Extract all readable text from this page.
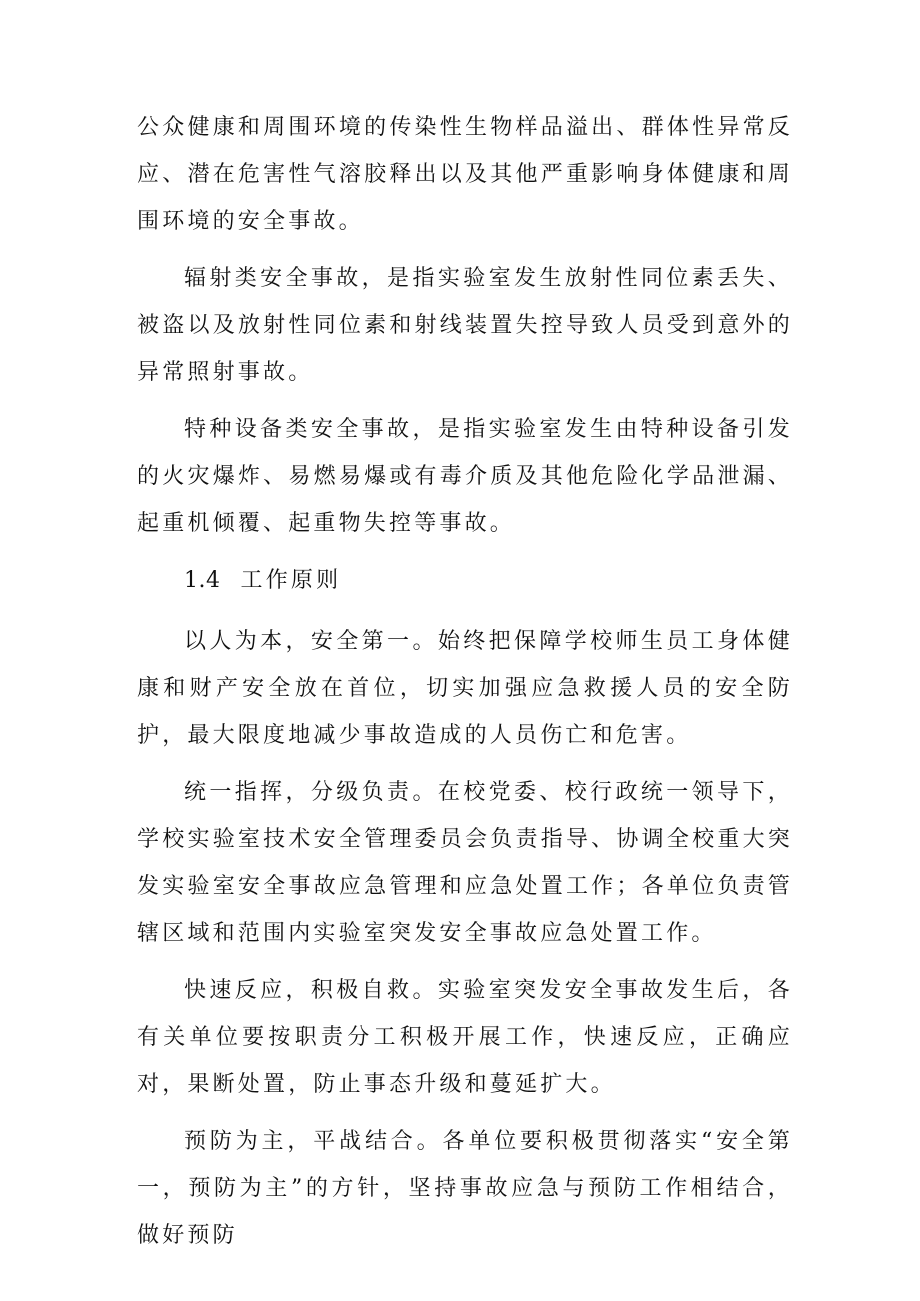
公众健康和周围环境的传染性生物样品溢出、群体性异常反应、潜在危害性气溶胶释出以及其他严重影响身体健康和周围环境的安全事故。

辐射类安全事故，是指实验室发生放射性同位素丢失、被盗以及放射性同位素和射线装置失控导致人员受到意外的异常照射事故。

特种设备类安全事故，是指实验室发生由特种设备引发的火灾爆炸、易燃易爆或有毒介质及其他危险化学品泄漏、起重机倾覆、起重物失控等事故。

1.4 工作原则

以人为本，安全第一。始终把保障学校师生员工身体健康和财产安全放在首位，切实加强应急救援人员的安全防护，最大限度地减少事故造成的人员伤亡和危害。

统一指挥，分级负责。在校党委、校行政统一领导下，学校实验室技术安全管理委员会负责指导、协调全校重大突发实验室安全事故应急管理和应急处置工作；各单位负责管辖区域和范围内实验室突发安全事故应急处置工作。

快速反应，积极自救。实验室突发安全事故发生后，各有关单位要按职责分工积极开展工作，快速反应，正确应对，果断处置，防止事态升级和蔓延扩大。

预防为主，平战结合。各单位要积极贯彻落实“安全第一，预防为主”的方针，坚持事故应急与预防工作相结合，做好预防
